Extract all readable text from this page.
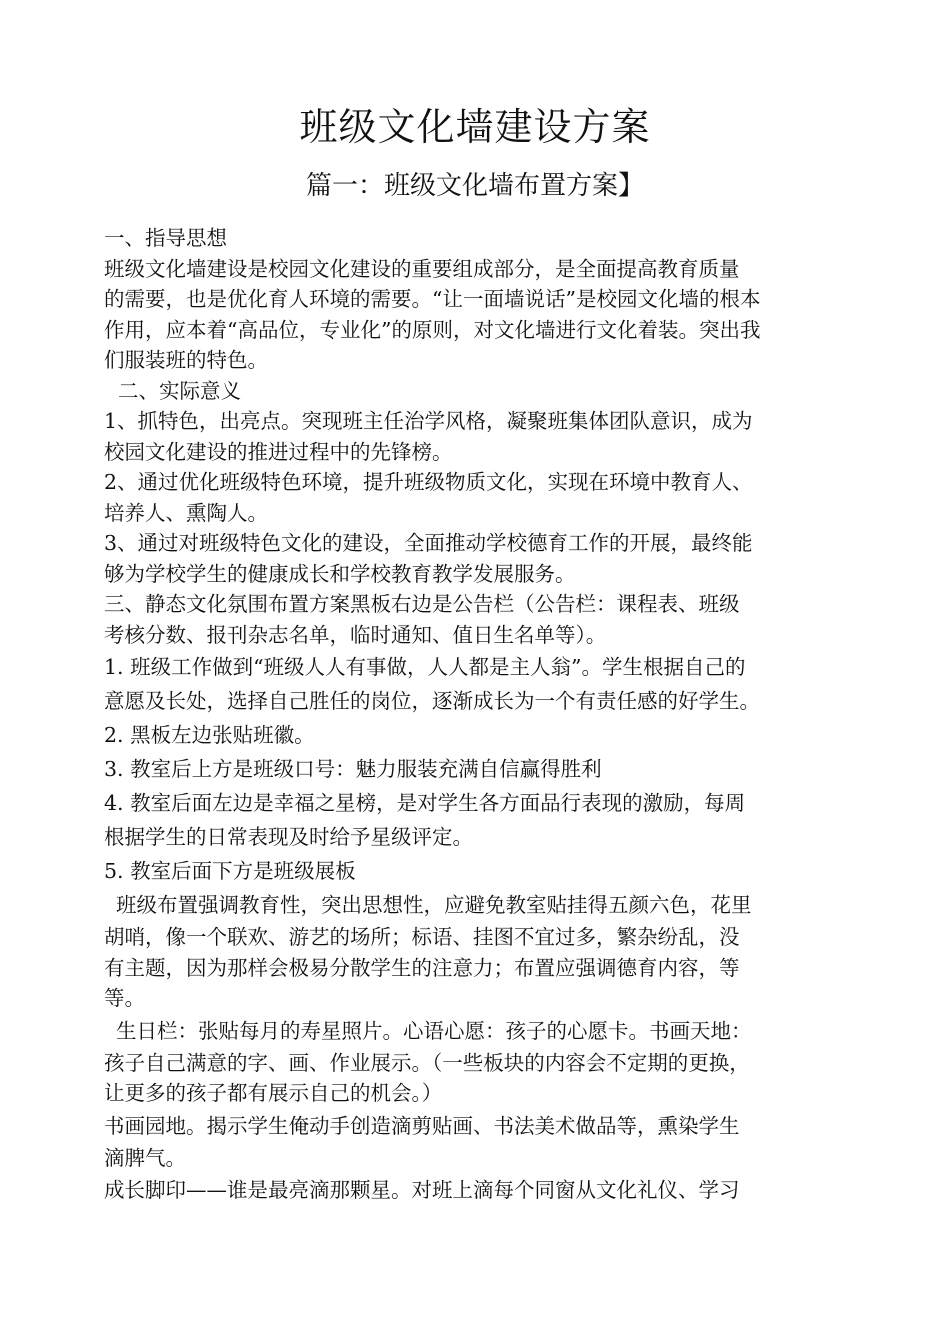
班级文化墙建设方案
篇一：班级文化墙布置方案】
一、指导思想
班级文化墙建设是校园文化建设的重要组成部分，是全面提高教育质量
的需要，也是优化育人环境的需要。“让一面墙说话”是校园文化墙的根本
作用，应本着“高品位，专业化”的原则，对文化墙进行文化着装。突出我
们服装班的特色。
二、实际意义
1、抓特色，出亮点。突现班主任治学风格，凝聚班集体团队意识，成为
校园文化建设的推进过程中的先锋榜。
2、通过优化班级特色环境，提升班级物质文化，实现在环境中教育人、
培养人、熏陶人。
3、通过对班级特色文化的建设，全面推动学校德育工作的开展，最终能
够为学校学生的健康成长和学校教育教学发展服务。
三、静态文化氛围布置方案黑板右边是公告栏（公告栏：课程表、班级
考核分数、报刊杂志名单，临时通知、值日生名单等）。
1. 班级工作做到“班级人人有事做，人人都是主人翁”。学生根据自己的
意愿及长处，选择自己胜任的岗位，逐渐成长为一个有责任感的好学生。
2. 黑板左边张贴班徽。
3. 教室后上方是班级口号：魅力服装充满自信赢得胜利
4. 教室后面左边是幸福之星榜，是对学生各方面品行表现的激励，每周
根据学生的日常表现及时给予星级评定。
5. 教室后面下方是班级展板
班级布置强调教育性，突出思想性，应避免教室贴挂得五颜六色，花里
胡哨，像一个联欢、游艺的场所；标语、挂图不宜过多，繁杂纷乱，没
有主题，因为那样会极易分散学生的注意力；布置应强调德育内容，等
等。
生日栏：张贴每月的寿星照片。心语心愿：孩子的心愿卡。书画天地：
孩子自己满意的字、画、作业展示。（一些板块的内容会不定期的更换，
让更多的孩子都有展示自己的机会。）
书画园地。揭示学生俺动手创造滴剪贴画、书法美术做品等，熏染学生
滴脾气。
成长脚印——谁是最亮滴那颗星。对班上滴每个同窗从文化礼仪、学习
